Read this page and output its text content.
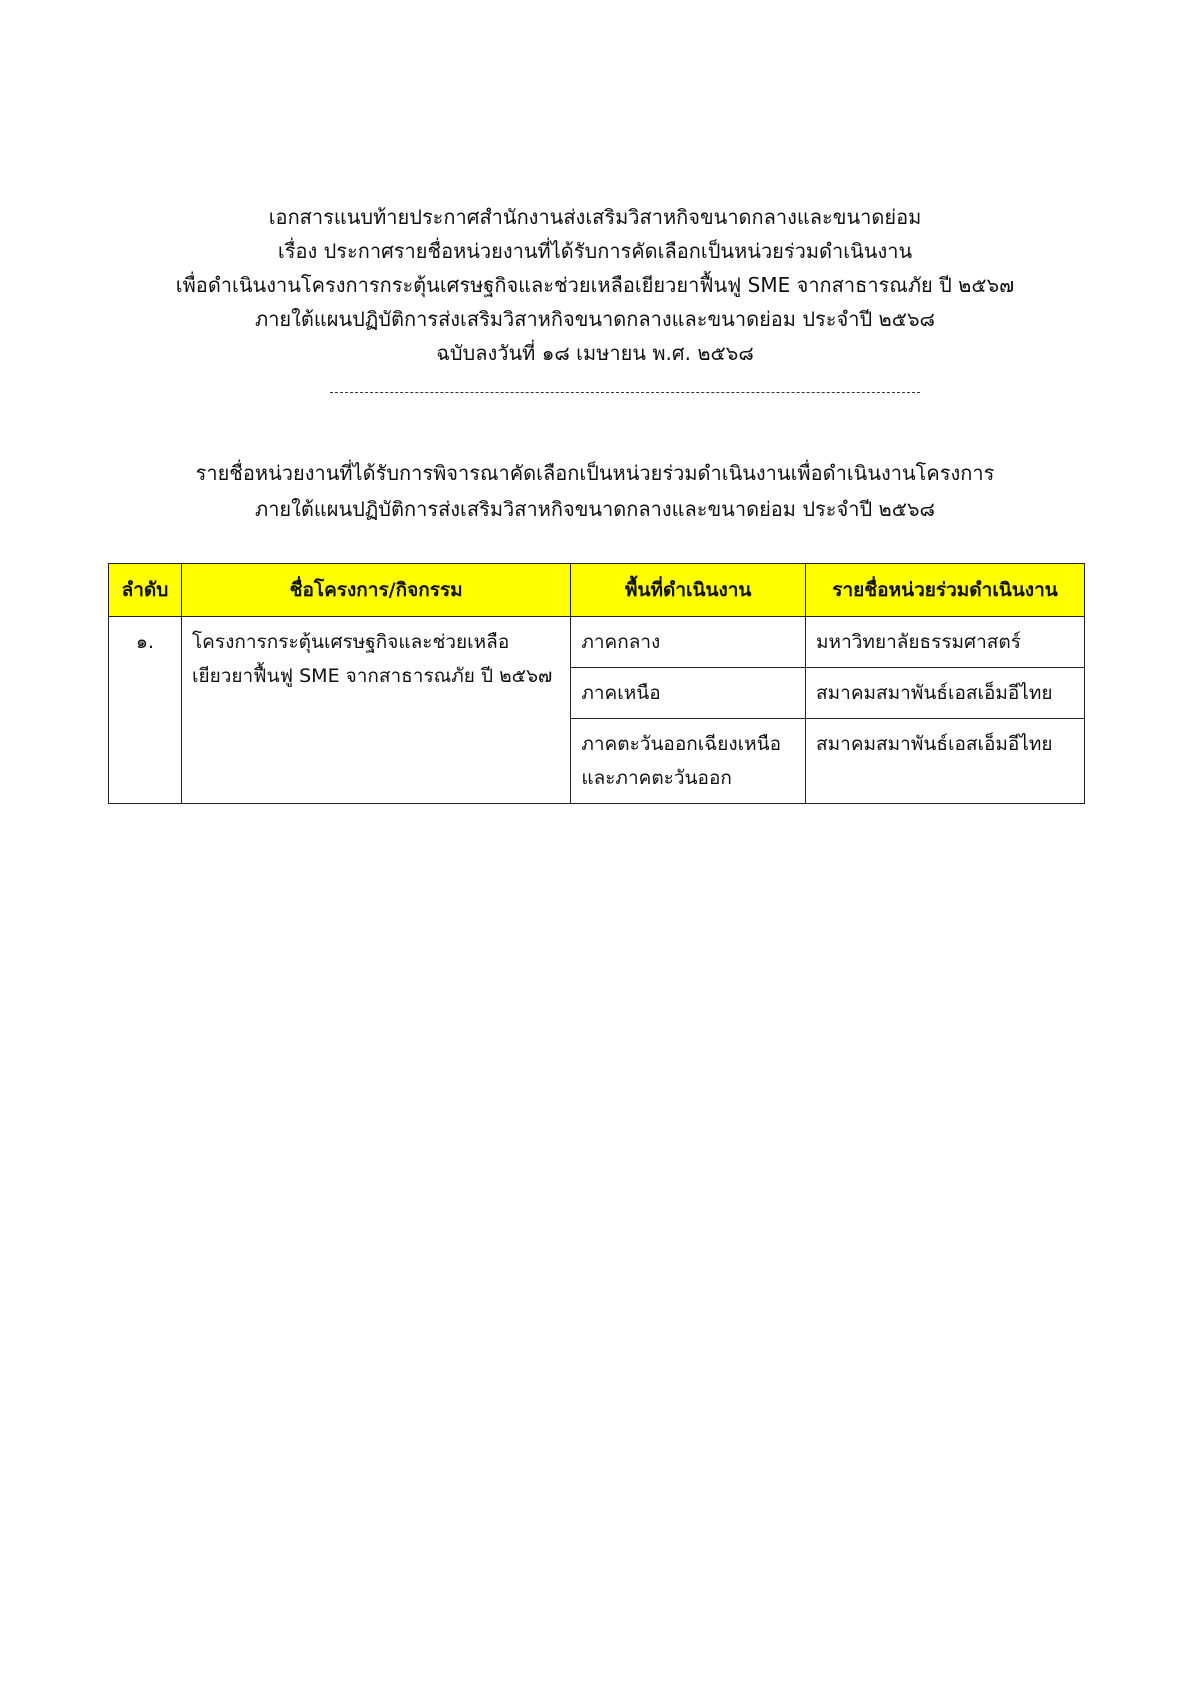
เอกสารแนบท้ายประกาศสำนักงานส่งเสริมวิสาหกิจขนาดกลางและขนาดย่อม
เรื่อง ประกาศรายชื่อหน่วยงานที่ได้รับการคัดเลือกเป็นหน่วยร่วมดำเนินงาน
เพื่อดำเนินงานโครงการกระตุ้นเศรษฐกิจและช่วยเหลือเยียวยาฟื้นฟู SME จากสาธารณภัย ปี ๒๕๖๗
ภายใต้แผนปฏิบัติการส่งเสริมวิสาหกิจขนาดกลางและขนาดย่อม ประจำปี ๒๕๖๘
ฉบับลงวันที่ ๑๘ เมษายน พ.ศ. ๒๕๖๘
รายชื่อหน่วยงานที่ได้รับการพิจารณาคัดเลือกเป็นหน่วยร่วมดำเนินงานเพื่อดำเนินงานโครงการ
ภายใต้แผนปฏิบัติการส่งเสริมวิสาหกิจขนาดกลางและขนาดย่อม ประจำปี ๒๕๖๘
ลำดับ	ชื่อโครงการ/กิจกรรม	พื้นที่ดำเนินงาน	รายชื่อหน่วยร่วมดำเนินงาน
๑.	โครงการกระตุ้นเศรษฐกิจและช่วยเหลือเยียวยาฟื้นฟู SME จากสาธารณภัย ปี ๒๕๖๗	ภาคกลาง	มหาวิทยาลัยธรรมศาสตร์
		ภาคเหนือ	สมาคมสมาพันธ์เอสเอ็มอีไทย
		ภาคตะวันออกเฉียงเหนือและภาคตะวันออก	สมาคมสมาพันธ์เอสเอ็มอีไทย
